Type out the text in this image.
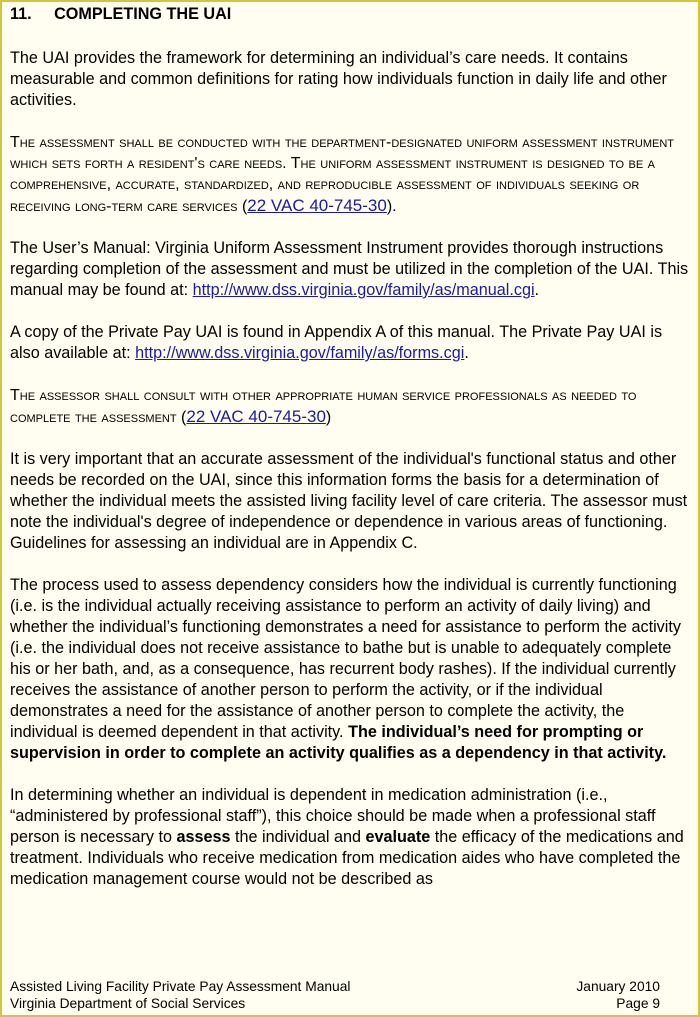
11. COMPLETING THE UAI

The UAI provides the framework for determining an individual’s care needs. It contains measurable and common definitions for rating how individuals function in daily life and other activities.

The assessment shall be conducted with the department-designated uniform assessment instrument which sets forth a resident's care needs. The uniform assessment instrument is designed to be a comprehensive, accurate, standardized, and reproducible assessment of individuals seeking or receiving long-term care services (22 VAC 40-745-30).

The User’s Manual: Virginia Uniform Assessment Instrument provides thorough instructions regarding completion of the assessment and must be utilized in the completion of the UAI. This manual may be found at: http://www.dss.virginia.gov/family/as/manual.cgi.

A copy of the Private Pay UAI is found in Appendix A of this manual. The Private Pay UAI is also available at: http://www.dss.virginia.gov/family/as/forms.cgi.

The assessor shall consult with other appropriate human service professionals as needed to complete the assessment (22 VAC 40-745-30)

It is very important that an accurate assessment of the individual's functional status and other needs be recorded on the UAI, since this information forms the basis for a determination of whether the individual meets the assisted living facility level of care criteria. The assessor must note the individual's degree of independence or dependence in various areas of functioning. Guidelines for assessing an individual are in Appendix C.

The process used to assess dependency considers how the individual is currently functioning (i.e. is the individual actually receiving assistance to perform an activity of daily living) and whether the individual’s functioning demonstrates a need for assistance to perform the activity (i.e. the individual does not receive assistance to bathe but is unable to adequately complete his or her bath, and, as a consequence, has recurrent body rashes). If the individual currently receives the assistance of another person to perform the activity, or if the individual demonstrates a need for the assistance of another person to complete the activity, the individual is deemed dependent in that activity. The individual’s need for prompting or supervision in order to complete an activity qualifies as a dependency in that activity.

In determining whether an individual is dependent in medication administration (i.e., “administered by professional staff”), this choice should be made when a professional staff person is necessary to assess the individual and evaluate the efficacy of the medications and treatment. Individuals who receive medication from medication aides who have completed the medication management course would not be described as

Assisted Living Facility Private Pay Assessment Manual	January 2010
Virginia Department of Social Services	Page 9
